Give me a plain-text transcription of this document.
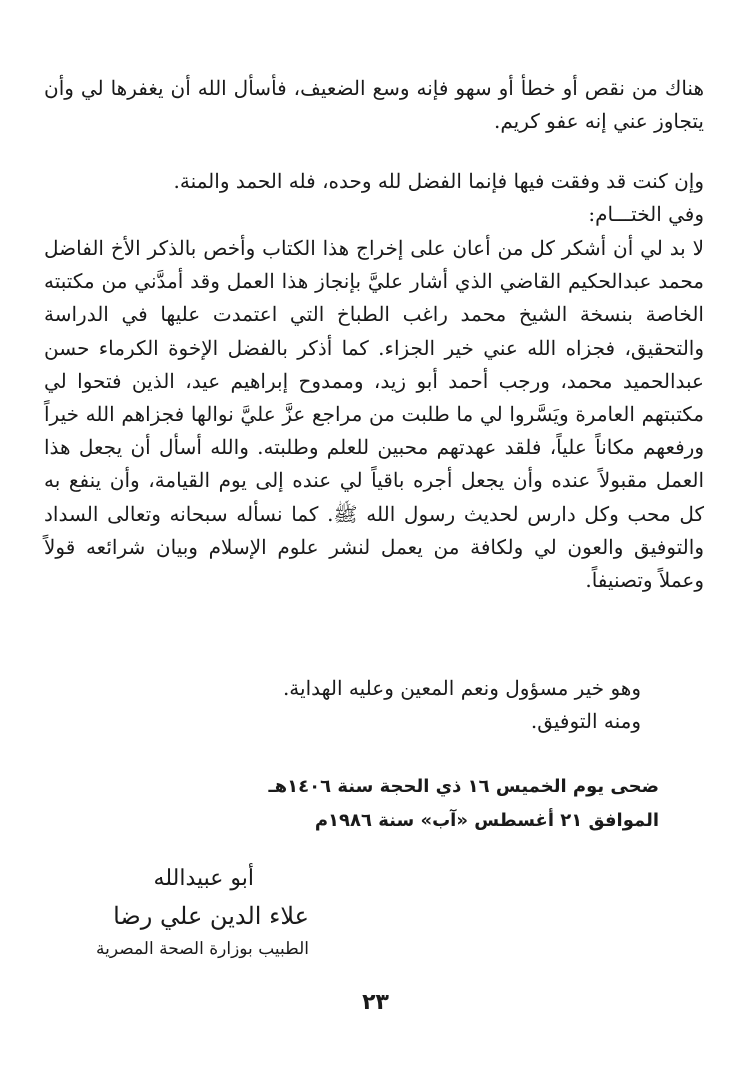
هناك من نقص أو خطأ أو سهو فإنه وسع الضعيف، فأسأل الله أن يغفرها لي وأن يتجاوز عني إنه عفو كريم.

وإن كنت قد وفقت فيها فإنما الفضل لله وحده، فله الحمد والمنة.

وفي الختـــام:

لا بد لي أن أشكر كل من أعان على إخراج هذا الكتاب وأخص بالذكر الأخ الفاضل محمد عبدالحكيم القاضي الذي أشار عليَّ بإنجاز هذا العمل وقد أمدَّني من مكتبته الخاصة بنسخة الشيخ محمد راغب الطباخ التي اعتمدت عليها في الدراسة والتحقيق، فجزاه الله عني خير الجزاء. كما أذكر بالفضل الإخوة الكرماء حسن عبدالحميد محمد، ورجب أحمد أبو زيد، وممدوح إبراهيم عيد، الذين فتحوا لي مكتبتهم العامرة ويَسَّروا لي ما طلبت من مراجع عزَّ عليَّ نوالها فجزاهم الله خيراً ورفعهم مكاناً علياً، فلقد عهدتهم محبين للعلم وطلبته. والله أسأل أن يجعل هذا العمل مقبولاً عنده وأن يجعل أجره باقياً لي عنده إلى يوم القيامة، وأن ينفع به كل محب وكل دارس لحديث رسول الله ﷺ. كما نسأله سبحانه وتعالى السداد والتوفيق والعون لي ولكافة من يعمل لنشر علوم الإسلام وبيان شرائعه قولاً وعملاً وتصنيفاً.

وهو خير مسؤول ونعم المعين وعليه الهداية.

ومنه التوفيق.

ضحى يوم الخميس ١٦ ذي الحجة سنة ١٤٠٦هـ

الموافق ٢١ أغسطس «آب» سنة ١٩٨٦م

أبو عبيدالله

علاء الدين علي رضا

الطبيب بوزارة الصحة المصرية

٢٣
